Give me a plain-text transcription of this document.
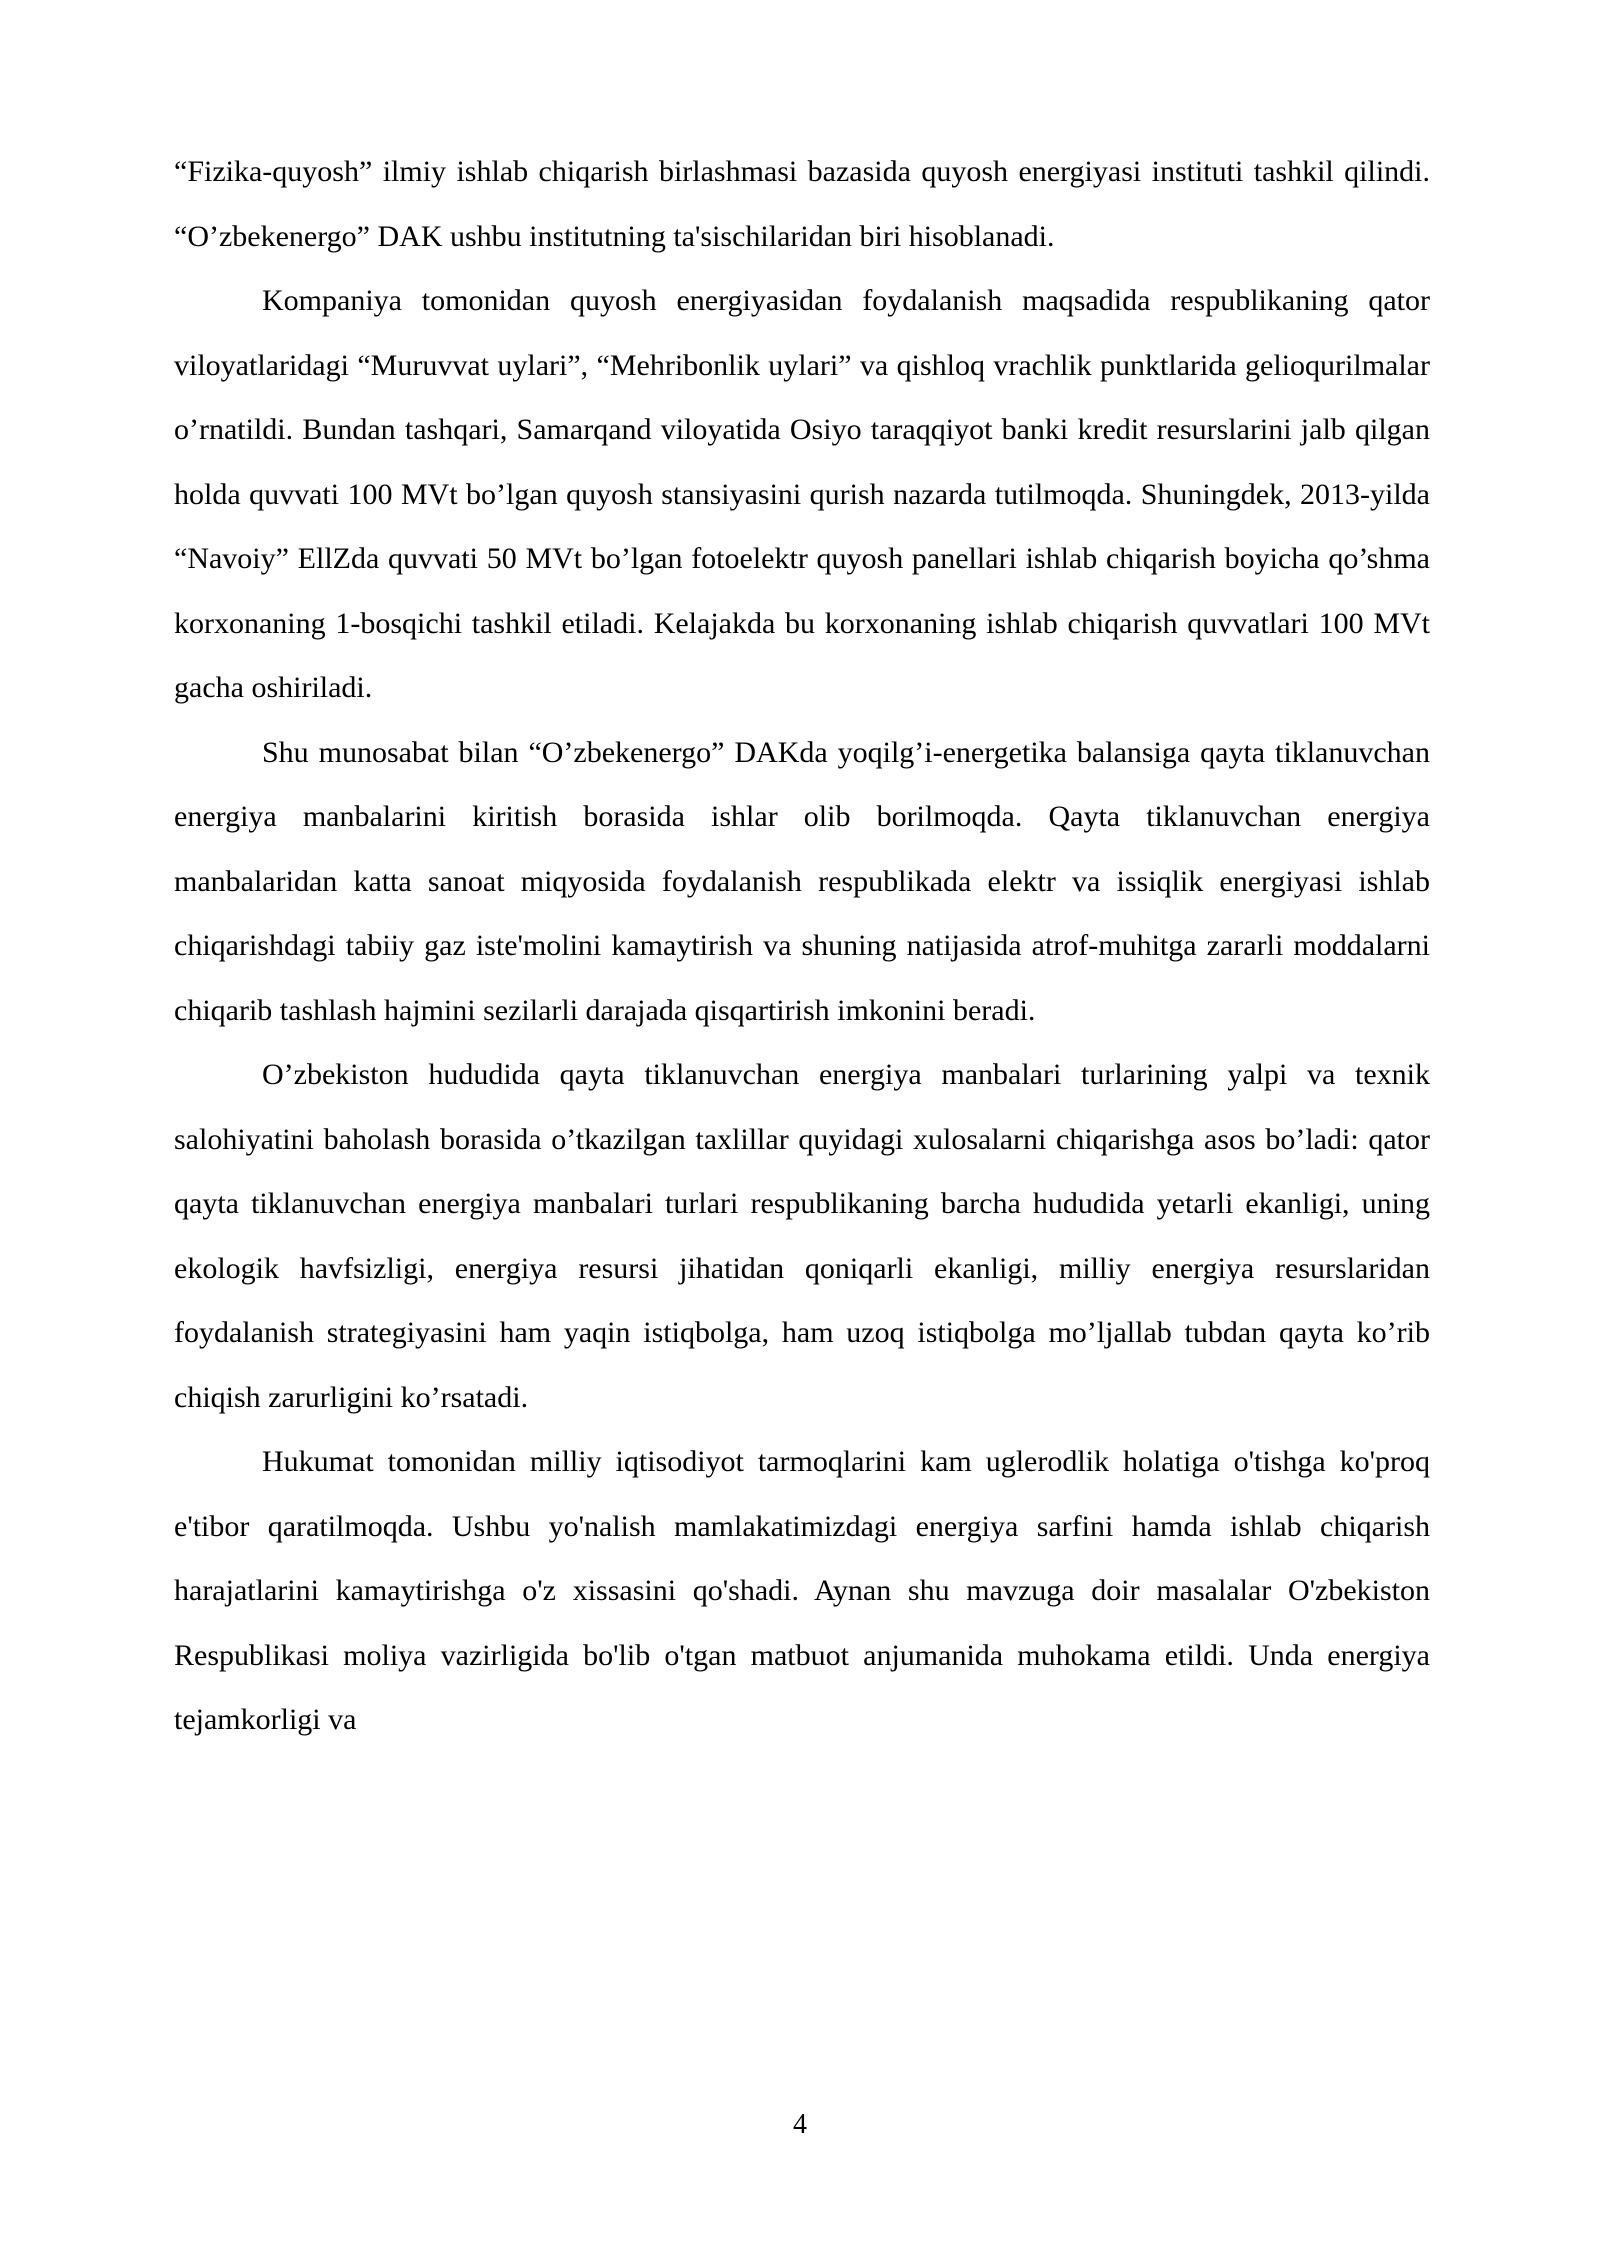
“Fizika-quyosh” ilmiy ishlab chiqarish birlashmasi bazasida quyosh energiyasi instituti tashkil qilindi. “O’zbekenergo” DAK ushbu institutning ta'sischilaridan biri hisoblanadi.

Kompaniya tomonidan quyosh energiyasidan foydalanish maqsadida respublikaning qator viloyatlaridagi “Muruvvat uylari”, “Mehribonlik uylari” va qishloq vrachlik punktlarida gelioqurilmalar o’rnatildi. Bundan tashqari, Samarqand viloyatida Osiyo taraqqiyot banki kredit resurslarini jalb qilgan holda quvvati 100 MVt bo’lgan quyosh stansiyasini qurish nazarda tutilmoqda. Shuningdek, 2013-yilda “Navoiy” EllZda quvvati 50 MVt bo’lgan fotoelektr quyosh panellari ishlab chiqarish boyicha qo’shma korxonaning 1-bosqichi tashkil etiladi. Kelajakda bu korxonaning ishlab chiqarish quvvatlari 100 MVt gacha oshiriladi.

Shu munosabat bilan “O’zbekenergo” DAKda yoqilg’i-energetika balansiga qayta tiklanuvchan energiya manbalarini kiritish borasida ishlar olib borilmoqda. Qayta tiklanuvchan energiya manbalaridan katta sanoat miqyosida foydalanish respublikada elektr va issiqlik energiyasi ishlab chiqarishdagi tabiiy gaz iste'molini kamaytirish va shuning natijasida atrof-muhitga zararli moddalarni chiqarib tashlash hajmini sezilarli darajada qisqartirish imkonini beradi.

O’zbekiston hududida qayta tiklanuvchan energiya manbalari turlarining yalpi va texnik salohiyatini baholash borasida o’tkazilgan taxlillar quyidagi xulosalarni chiqarishga asos bo’ladi: qator qayta tiklanuvchan energiya manbalari turlari respublikaning barcha hududida yetarli ekanligi, uning ekologik havfsizligi, energiya resursi jihatidan qoniqarli ekanligi, milliy energiya resurslaridan foydalanish strategiyasini ham yaqin istiqbolga, ham uzoq istiqbolga mo’ljallab tubdan qayta ko’rib chiqish zarurligini ko’rsatadi.

Hukumat tomonidan milliy iqtisodiyot tarmoqlarini kam uglerodlik holatiga o'tishga ko'proq e'tibor qaratilmoqda. Ushbu yo'nalish mamlakatimizdagi energiya sarfini hamda ishlab chiqarish harajatlarini kamaytirishga o'z xissasini qo'shadi. Aynan shu mavzuga doir masalalar O'zbekiston Respublikasi moliya vazirligida bo'lib o'tgan matbuot anjumanida muhokama etildi. Unda energiya tejamkorligi va

4
